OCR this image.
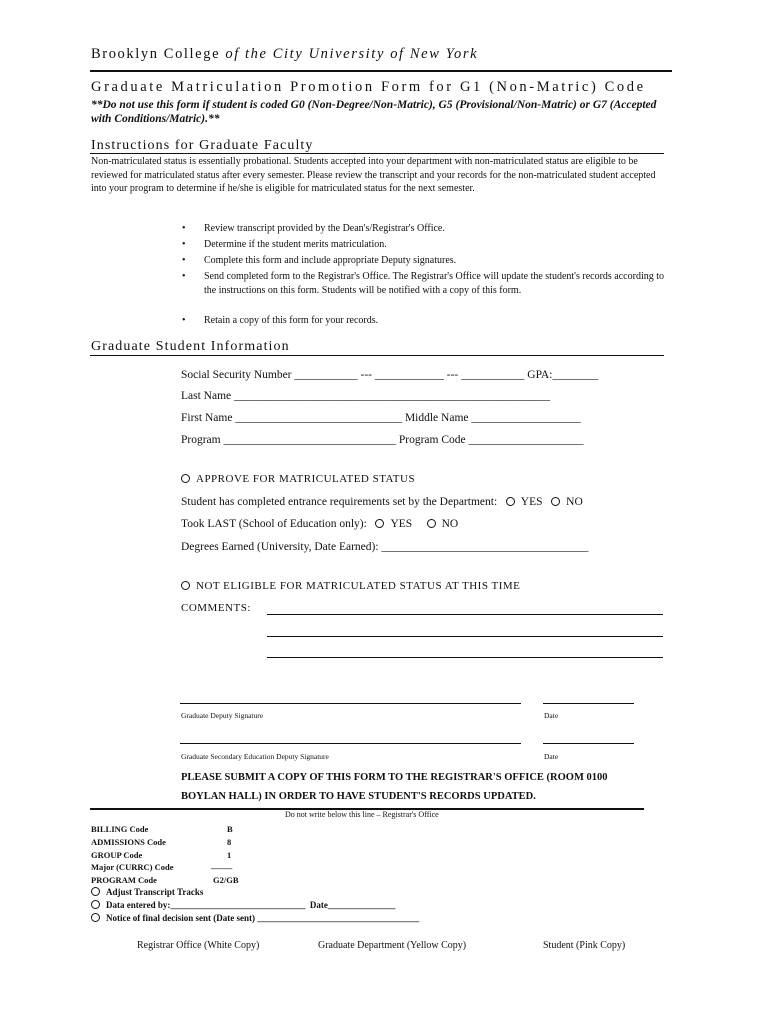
Brooklyn College of the City University of New York
Graduate Matriculation Promotion Form for G1 (Non-Matric) Code
**Do not use this form if student is coded G0 (Non-Degree/Non-Matric), G5 (Provisional/Non-Matric) or G7 (Accepted with Conditions/Matric).**
Instructions for Graduate Faculty
Non-matriculated status is essentially probational. Students accepted into your department with non-matriculated status are eligible to be reviewed for matriculated status after every semester. Please review the transcript and your records for the non-matriculated student accepted into your program to determine if he/she is eligible for matriculated status for the next semester.
• Review transcript provided by the Dean's/Registrar's Office.
• Determine if the student merits matriculation.
• Complete this form and include appropriate Deputy signatures.
• Send completed form to the Registrar's Office. The Registrar's Office will update the student's records according to the instructions on this form. Students will be notified with a copy of this form.
• Retain a copy of this form for your records.
Graduate Student Information
Social Security Number ___________ --- ____________ --- ___________ GPA:________
Last Name _______________________________________________________
First Name _____________________________ Middle Name ___________________
Program ______________________________ Program Code ____________________
APPROVE FOR MATRICULATED STATUS
Student has completed entrance requirements set by the Department: YES NO
Took LAST (School of Education only): YES	NO
Degrees Earned (University, Date Earned): ____________________________________
NOT ELIGIBLE FOR MATRICULATED STATUS AT THIS TIME
COMMENTS:
Graduate Deputy Signature	Date
Graduate Secondary Education Deputy Signature	Date
PLEASE SUBMIT A COPY OF THIS FORM TO THE REGISTRAR'S OFFICE (ROOM 0100
BOYLAN HALL) IN ORDER TO HAVE STUDENT'S RECORDS UPDATED.
Do not write below this line – Registrar's Office
BILLING Code	B
ADMISSIONS Code	8
GROUP Code	1
Major (CURRC) Code	_____
PROGRAM Code	G2/GB
Adjust Transcript Tracks
Data entered by:______________________________ Date_______________
Notice of final decision sent (Date sent) ____________________________________
Registrar Office (White Copy)	Graduate Department (Yellow Copy)	Student (Pink Copy)
